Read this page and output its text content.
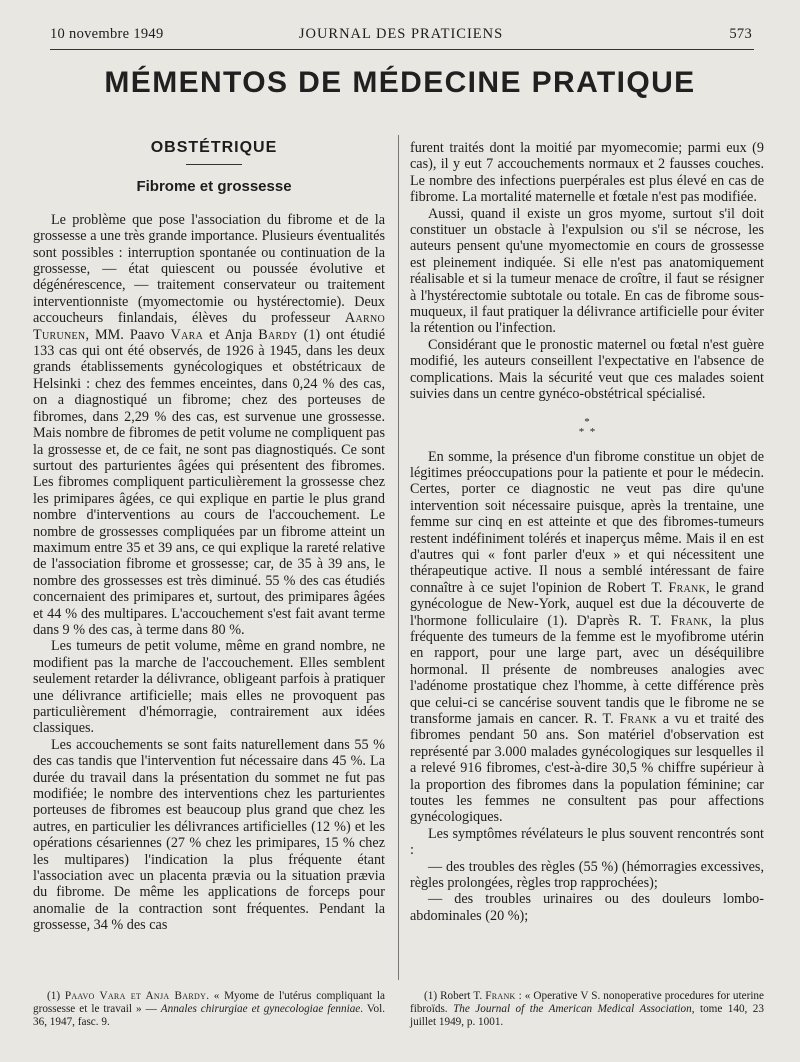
10 novembre 1949	JOURNAL DES PRATICIENS	573
MÉMENTOS DE MÉDECINE PRATIQUE
OBSTÉTRIQUE
Fibrome et grossesse

Le problème que pose l'association du fibrome et de la grossesse a une très grande importance. Plusieurs éventualités sont possibles : interruption spontanée ou continuation de la grossesse, — état quiescent ou poussée évolutive et dégénérescence, — traitement conservateur ou traitement interventionniste (myomectomie ou hystérectomie). Deux accoucheurs finlandais, élèves du professeur Aarno Turunen, MM. Paavo Vara et Anja Bardy (1) ont étudié 133 cas qui ont été observés, de 1926 à 1945, dans les deux grands établissements gynécologiques et obstétricaux de Helsinki : chez des femmes enceintes, dans 0,24 % des cas, on a diagnostiqué un fibrome; chez des porteuses de fibromes, dans 2,29 % des cas, est survenue une grossesse. Mais nombre de fibromes de petit volume ne compliquent pas la grossesse et, de ce fait, ne sont pas diagnostiqués. Ce sont surtout des parturientes âgées qui présentent des fibromes. Les fibromes compliquent particulièrement la grossesse chez les primipares âgées, ce qui explique en partie le plus grand nombre d'interventions au cours de l'accouchement. Le nombre de grossesses compliquées par un fibrome atteint un maximum entre 35 et 39 ans, ce qui explique la rareté relative de l'association fibrome et grossesse; car, de 35 à 39 ans, le nombre des grossesses est très diminué. 55 % des cas étudiés concernaient des primipares et, surtout, des primipares âgées et 44 % des multipares. L'accouchement s'est fait avant terme dans 9 % des cas, à terme dans 80 %.

Les tumeurs de petit volume, même en grand nombre, ne modifient pas la marche de l'accouchement. Elles semblent seulement retarder la délivrance, obligeant parfois à pratiquer une délivrance artificielle; mais elles ne provoquent pas particulièrement d'hémorragie, contrairement aux idées classiques.

Les accouchements se sont faits naturellement dans 55 % des cas tandis que l'intervention fut nécessaire dans 45 %. La durée du travail dans la présentation du sommet ne fut pas modifiée; le nombre des interventions chez les parturientes porteuses de fibromes est beaucoup plus grand que chez les autres, en particulier les délivrances artificielles (12 %) et les opérations césariennes (27 % chez les primipares, 15 % chez les multipares) l'indication la plus fréquente étant l'association avec un placenta prævia ou la situation prævia du fibrome. De même les applications de forceps pour anomalie de la contraction sont fréquentes. Pendant la grossesse, 34 % des cas

furent traités dont la moitié par myomecomie; parmi eux (9 cas), il y eut 7 accouchements normaux et 2 fausses couches. Le nombre des infections puerpérales est plus élevé en cas de fibrome. La mortalité maternelle et fœtale n'est pas modifiée.

Aussi, quand il existe un gros myome, surtout s'il doit constituer un obstacle à l'expulsion ou s'il se nécrose, les auteurs pensent qu'une myomectomie en cours de grossesse est pleinement indiquée. Si elle n'est pas anatomiquement réalisable et si la tumeur menace de croître, il faut se résigner à l'hystérectomie subtotale ou totale. En cas de fibrome sous-muqueux, il faut pratiquer la délivrance artificielle pour éviter la rétention ou l'infection.

Considérant que le pronostic maternel ou fœtal n'est guère modifié, les auteurs conseillent l'expectative en l'absence de complications. Mais la sécurité veut que ces malades soient suivies dans un centre gynéco-obstétrical spécialisé.

*
*  *

En somme, la présence d'un fibrome constitue un objet de légitimes préoccupations pour la patiente et pour le médecin. Certes, porter ce diagnostic ne veut pas dire qu'une intervention soit nécessaire puisque, après la trentaine, une femme sur cinq en est atteinte et que des fibromes-tumeurs restent indéfiniment tolérés et inaperçus même. Mais il en est d'autres qui « font parler d'eux » et qui nécessitent une thérapeutique active. Il nous a semblé intéressant de faire connaître à ce sujet l'opinion de Robert T. Frank, le grand gynécologue de New-York, auquel est due la découverte de l'hormone folliculaire (1). D'après R. T. Frank, la plus fréquente des tumeurs de la femme est le myofibrome utérin en rapport, pour une large part, avec un déséquilibre hormonal. Il présente de nombreuses analogies avec l'adénome prostatique chez l'homme, à cette différence près que celui-ci se cancérise souvent tandis que le fibrome ne se transforme jamais en cancer. R. T. Frank a vu et traité des fibromes pendant 50 ans. Son matériel d'observation est représenté par 3.000 malades gynécologiques sur lesquelles il a relevé 916 fibromes, c'est-à-dire 30,5 % chiffre supérieur à la proportion des fibromes dans la population féminine; car toutes les femmes ne consultent pas pour affections gynécologiques.

Les symptômes révélateurs le plus souvent rencontrés sont :

— des troubles des règles (55 %) (hémorragies excessives, règles prolongées, règles trop rapprochées);

— des troubles urinaires ou des douleurs lombo-abdominales (20 %);

(1) Paavo Vara et Anja Bardy. « Myome de l'utérus compliquant la grossesse et le travail » — Annales chirurgiae et gynecologiae fenniae. Vol. 36, 1947, fasc. 9.

(1) Robert T. Frank : « Operative V S. nonoperative procedures for uterine fibroïds. The Journal of the American Medical Association, tome 140, 23 juillet 1949, p. 1001.
